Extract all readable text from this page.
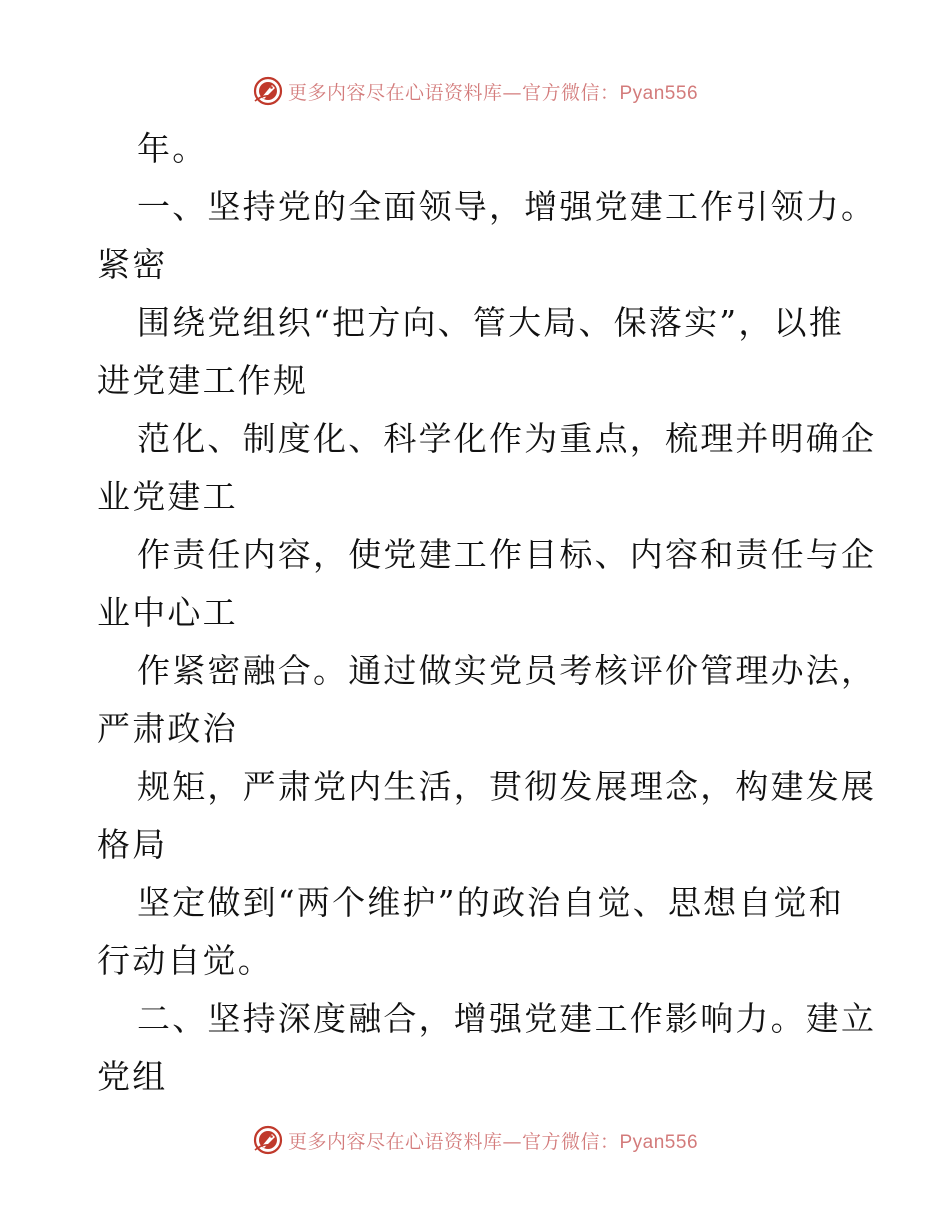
更多内容尽在心语资料库—官方微信：Pyan556
年。
一、坚持党的全面领导，增强党建工作引领力。
紧密
围绕党组织“把方向、管大局、保落实”，以推
进党建工作规
范化、制度化、科学化作为重点，梳理并明确企
业党建工
作责任内容，使党建工作目标、内容和责任与企
业中心工
作紧密融合。通过做实党员考核评价管理办法，
严肃政治
规矩，严肃党内生活，贯彻发展理念，构建发展
格局
坚定做到“两个维护”的政治自觉、思想自觉和
行动自觉。
二、坚持深度融合，增强党建工作影响力。建立
党组
更多内容尽在心语资料库—官方微信：Pyan556
